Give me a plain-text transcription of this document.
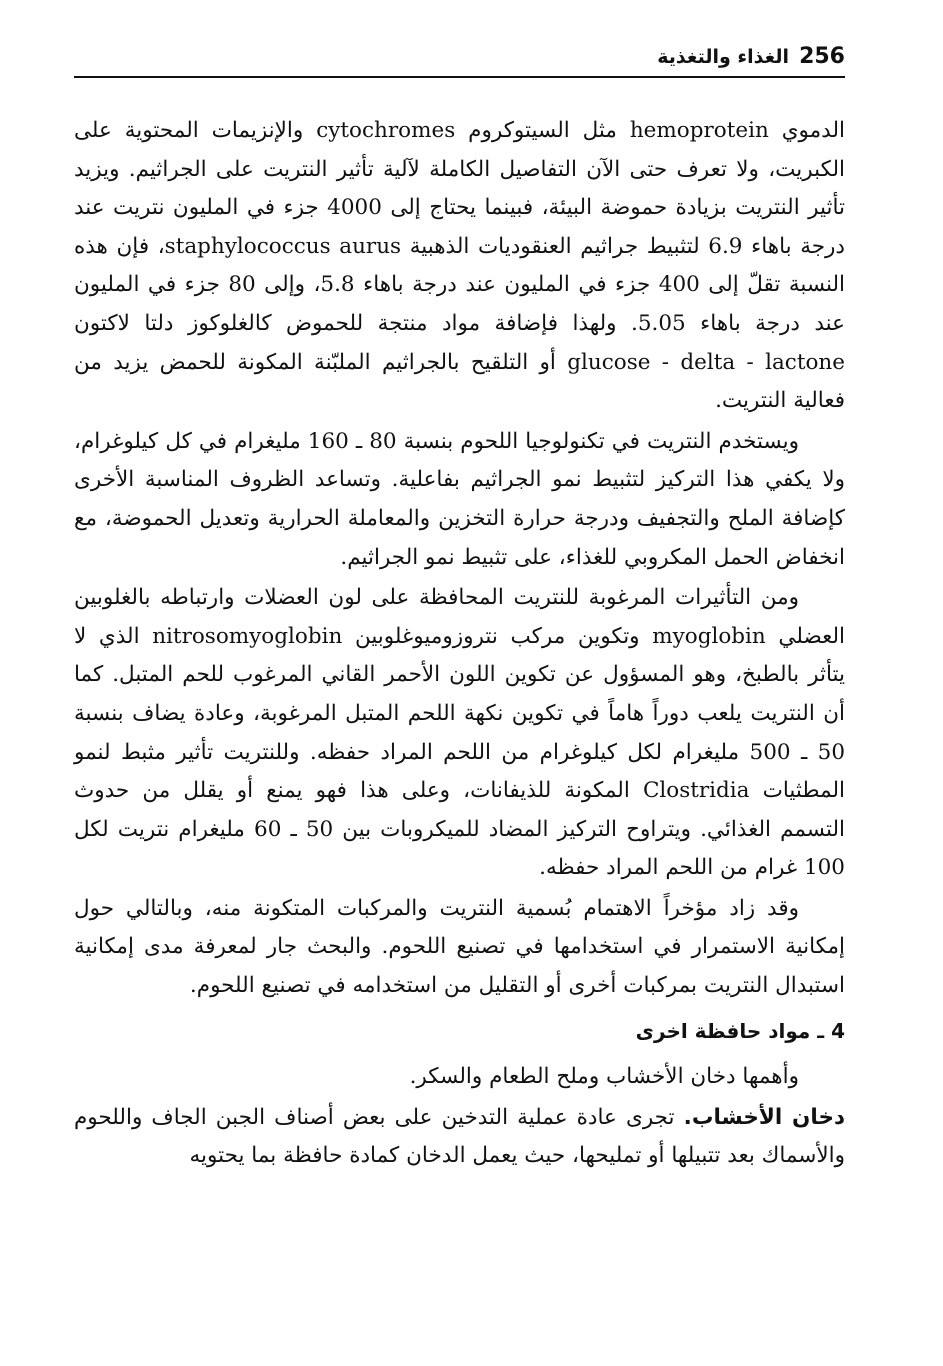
256
الغذاء والتغذية

الدموي hemoprotein مثل السيتوكروم cytochromes والإنزيمات المحتوية على الكبريت، ولا تعرف حتى الآن التفاصيل الكاملة لآلية تأثير النتريت على الجراثيم. ويزيد تأثير النتريت بزيادة حموضة البيئة، فبينما يحتاج إلى 4000 جزء في المليون نتريت عند درجة باهاء 6.9 لتثبيط جراثيم العنقوديات الذهبية staphylococcus aurus، فإن هذه النسبة تقلّ إلى 400 جزء في المليون عند درجة باهاء 5.8، وإلى 80 جزء في المليون عند درجة باهاء 5.05. ولهذا فإضافة مواد منتجة للحموض كالغلوكوز دلتا لاكتون glucose - delta - lactone أو التلقيح بالجراثيم الملبّنة المكونة للحمض يزيد من فعالية النتريت.

ويستخدم النتريت في تكنولوجيا اللحوم بنسبة 80 ـ 160 مليغرام في كل كيلوغرام، ولا يكفي هذا التركيز لتثبيط نمو الجراثيم بفاعلية. وتساعد الظروف المناسبة الأخرى كإضافة الملح والتجفيف ودرجة حرارة التخزين والمعاملة الحرارية وتعديل الحموضة، مع انخفاض الحمل المكروبي للغذاء، على تثبيط نمو الجراثيم.

ومن التأثيرات المرغوبة للنتريت المحافظة على لون العضلات وارتباطه بالغلوبين العضلي myoglobin وتكوين مركب نتروزوميوغلوبين nitrosomyoglobin الذي لا يتأثر بالطبخ، وهو المسؤول عن تكوين اللون الأحمر القاني المرغوب للحم المتبل. كما أن النتريت يلعب دوراً هاماً في تكوين نكهة اللحم المتبل المرغوبة، وعادة يضاف بنسبة 50 ـ 500 مليغرام لكل كيلوغرام من اللحم المراد حفظه. وللنتريت تأثير مثبط لنمو المطثيات Clostridia المكونة للذيفانات، وعلى هذا فهو يمنع أو يقلل من حدوث التسمم الغذائي. ويتراوح التركيز المضاد للميكروبات بين 50 ـ 60 مليغرام نتريت لكل 100 غرام من اللحم المراد حفظه.

وقد زاد مؤخراً الاهتمام بُسمية النتريت والمركبات المتكونة منه، وبالتالي حول إمكانية الاستمرار في استخدامها في تصنيع اللحوم. والبحث جار لمعرفة مدى إمكانية استبدال النتريت بمركبات أخرى أو التقليل من استخدامه في تصنيع اللحوم.

4 ـ مواد حافظة اخرى

وأهمها دخان الأخشاب وملح الطعام والسكر.

دخان الأخشاب. تجرى عادة عملية التدخين على بعض أصناف الجبن الجاف واللحوم والأسماك بعد تتبيلها أو تمليحها، حيث يعمل الدخان كمادة حافظة بما يحتويه
